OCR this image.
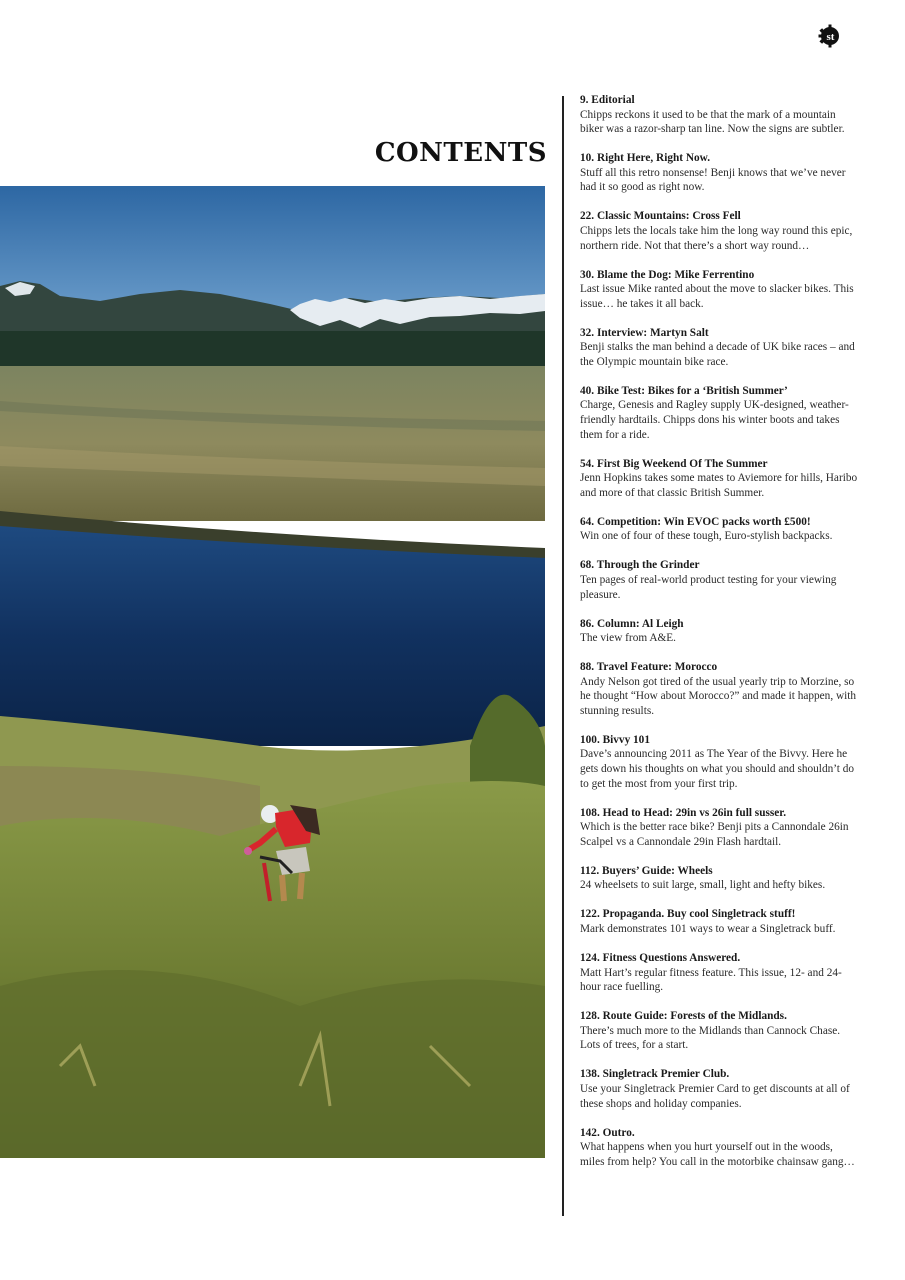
st
CONTENTS
9. Editorial
Chipps reckons it used to be that the mark of a mountain biker was a razor-sharp tan line. Now the signs are subtler.
10. Right Here, Right Now.
Stuff all this retro nonsense! Benji knows that we’ve never had it so good as right now.
22. Classic Mountains: Cross Fell
Chipps lets the locals take him the long way round this epic, northern ride. Not that there’s a short way round…
30. Blame the Dog: Mike Ferrentino
Last issue Mike ranted about the move to slacker bikes. This issue… he takes it all back.
32. Interview: Martyn Salt
Benji stalks the man behind a decade of UK bike races – and the Olympic mountain bike race.
40. Bike Test: Bikes for a ‘British Summer’
Charge, Genesis and Ragley supply UK-designed, weather-friendly hardtails. Chipps dons his winter boots and takes them for a ride.
54. First Big Weekend Of The Summer
Jenn Hopkins takes some mates to Aviemore for hills, Haribo and more of that classic British Summer.
64. Competition: Win EVOC packs worth £500!
Win one of four of these tough, Euro-stylish backpacks.
68. Through the Grinder
Ten pages of real-world product testing for your viewing pleasure.
86. Column: Al Leigh
The view from A&E.
88. Travel Feature: Morocco
Andy Nelson got tired of the usual yearly trip to Morzine, so he thought “How about Morocco?” and made it happen, with stunning results.
100. Bivvy 101
Dave’s announcing 2011 as The Year of the Bivvy. Here he gets down his thoughts on what you should and shouldn’t do to get the most from your first trip.
108. Head to Head: 29in vs 26in full susser.
Which is the better race bike? Benji pits a Cannondale 26in Scalpel vs a Cannondale 29in Flash hardtail.
112. Buyers’ Guide: Wheels
24 wheelsets to suit large, small, light and hefty bikes.
122. Propaganda. Buy cool Singletrack stuff!
Mark demonstrates 101 ways to wear a Singletrack buff.
124. Fitness Questions Answered.
Matt Hart’s regular fitness feature. This issue, 12- and 24-hour race fuelling.
128. Route Guide: Forests of the Midlands.
There’s much more to the Midlands than Cannock Chase. Lots of trees, for a start.
138. Singletrack Premier Club.
Use your Singletrack Premier Card to get discounts at all of these shops and holiday companies.
142. Outro.
What happens when you hurt yourself out in the woods, miles from help? You call in the motorbike chainsaw gang…
